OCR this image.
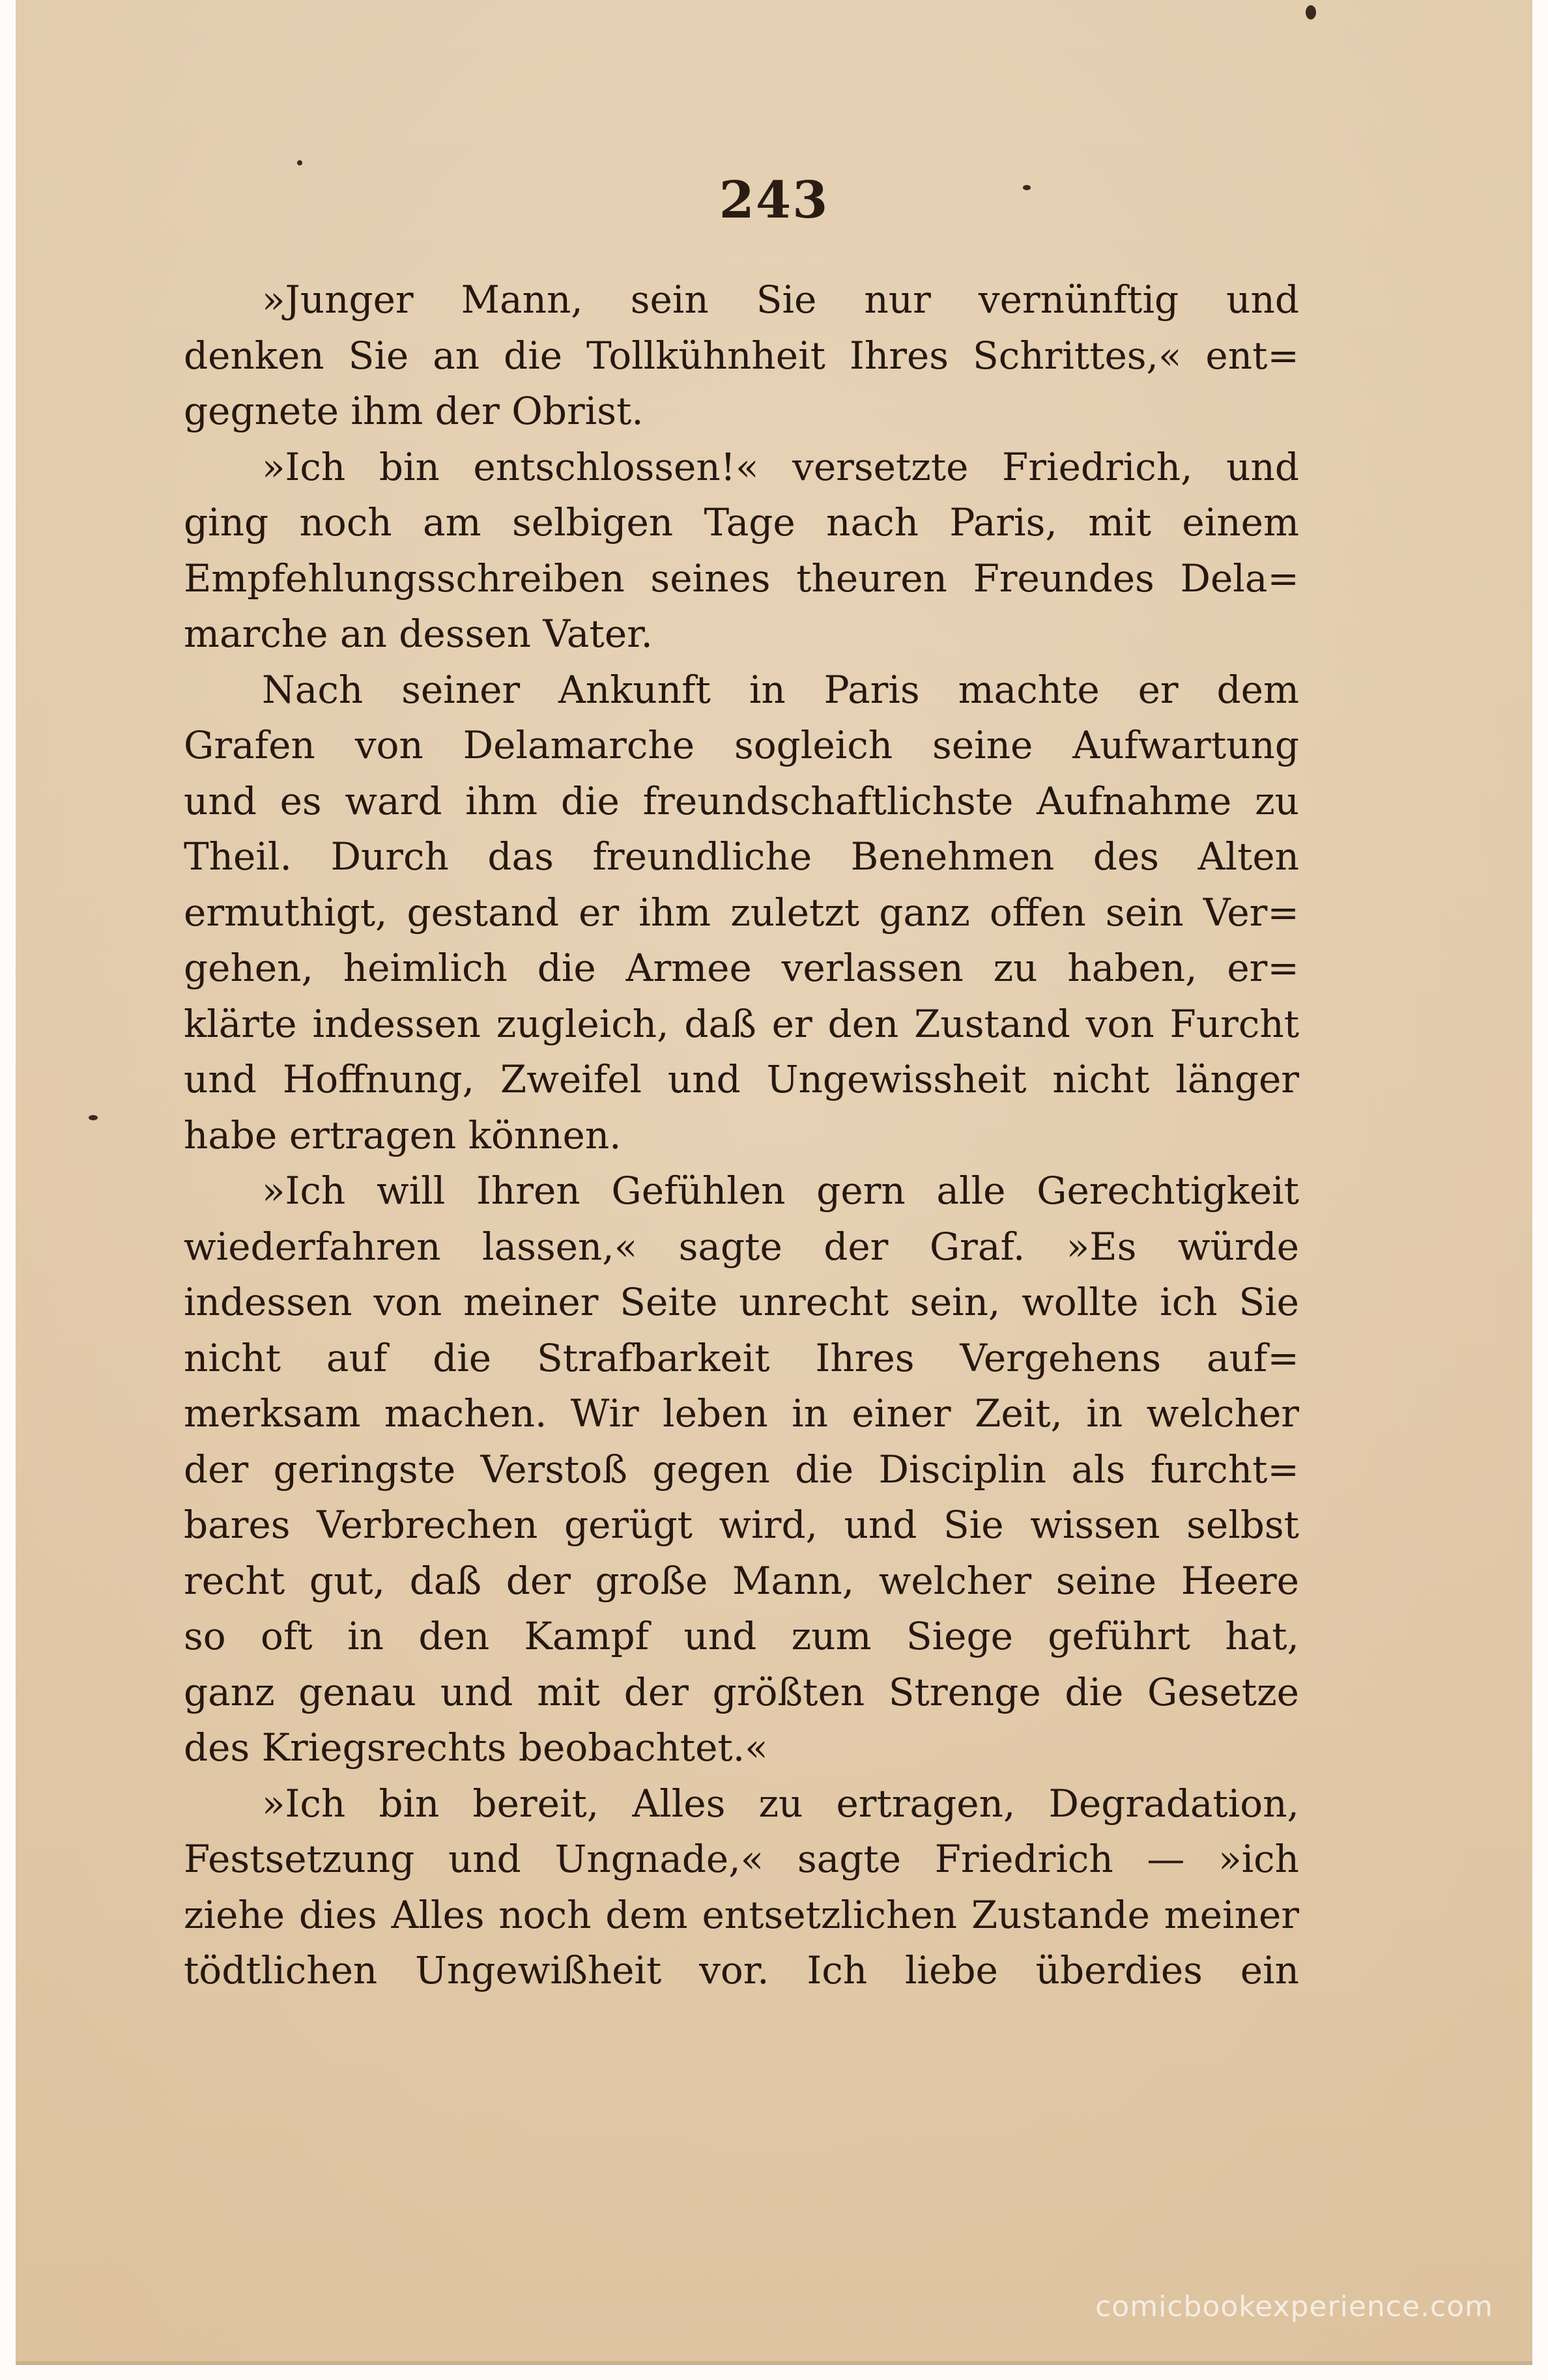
243
»Junger Mann, sein Sie nur vernünftig und
denken Sie an die Tollkühnheit Ihres Schrittes,« ent=
gegnete ihm der Obrist.
»Ich bin entschlossen!« versetzte Friedrich, und
ging noch am selbigen Tage nach Paris, mit einem
Empfehlungsschreiben seines theuren Freundes Dela=
marche an dessen Vater.
Nach seiner Ankunft in Paris machte er dem
Grafen von Delamarche sogleich seine Aufwartung
und es ward ihm die freundschaftlichste Aufnahme zu
Theil. Durch das freundliche Benehmen des Alten
ermuthigt, gestand er ihm zuletzt ganz offen sein Ver=
gehen, heimlich die Armee verlassen zu haben, er=
klärte indessen zugleich, daß er den Zustand von Furcht
und Hoffnung, Zweifel und Ungewissheit nicht länger
habe ertragen können.
»Ich will Ihren Gefühlen gern alle Gerechtigkeit
wiederfahren lassen,« sagte der Graf. »Es würde
indessen von meiner Seite unrecht sein, wollte ich Sie
nicht auf die Strafbarkeit Ihres Vergehens auf=
merksam machen. Wir leben in einer Zeit, in welcher
der geringste Verstoß gegen die Disciplin als furcht=
bares Verbrechen gerügt wird, und Sie wissen selbst
recht gut, daß der große Mann, welcher seine Heere
so oft in den Kampf und zum Siege geführt hat,
ganz genau und mit der größten Strenge die Gesetze
des Kriegsrechts beobachtet.«
»Ich bin bereit, Alles zu ertragen, Degradation,
Festsetzung und Ungnade,« sagte Friedrich — »ich
ziehe dies Alles noch dem entsetzlichen Zustande meiner
tödtlichen Ungewißheit vor. Ich liebe überdies ein
comicbookexperience.com
